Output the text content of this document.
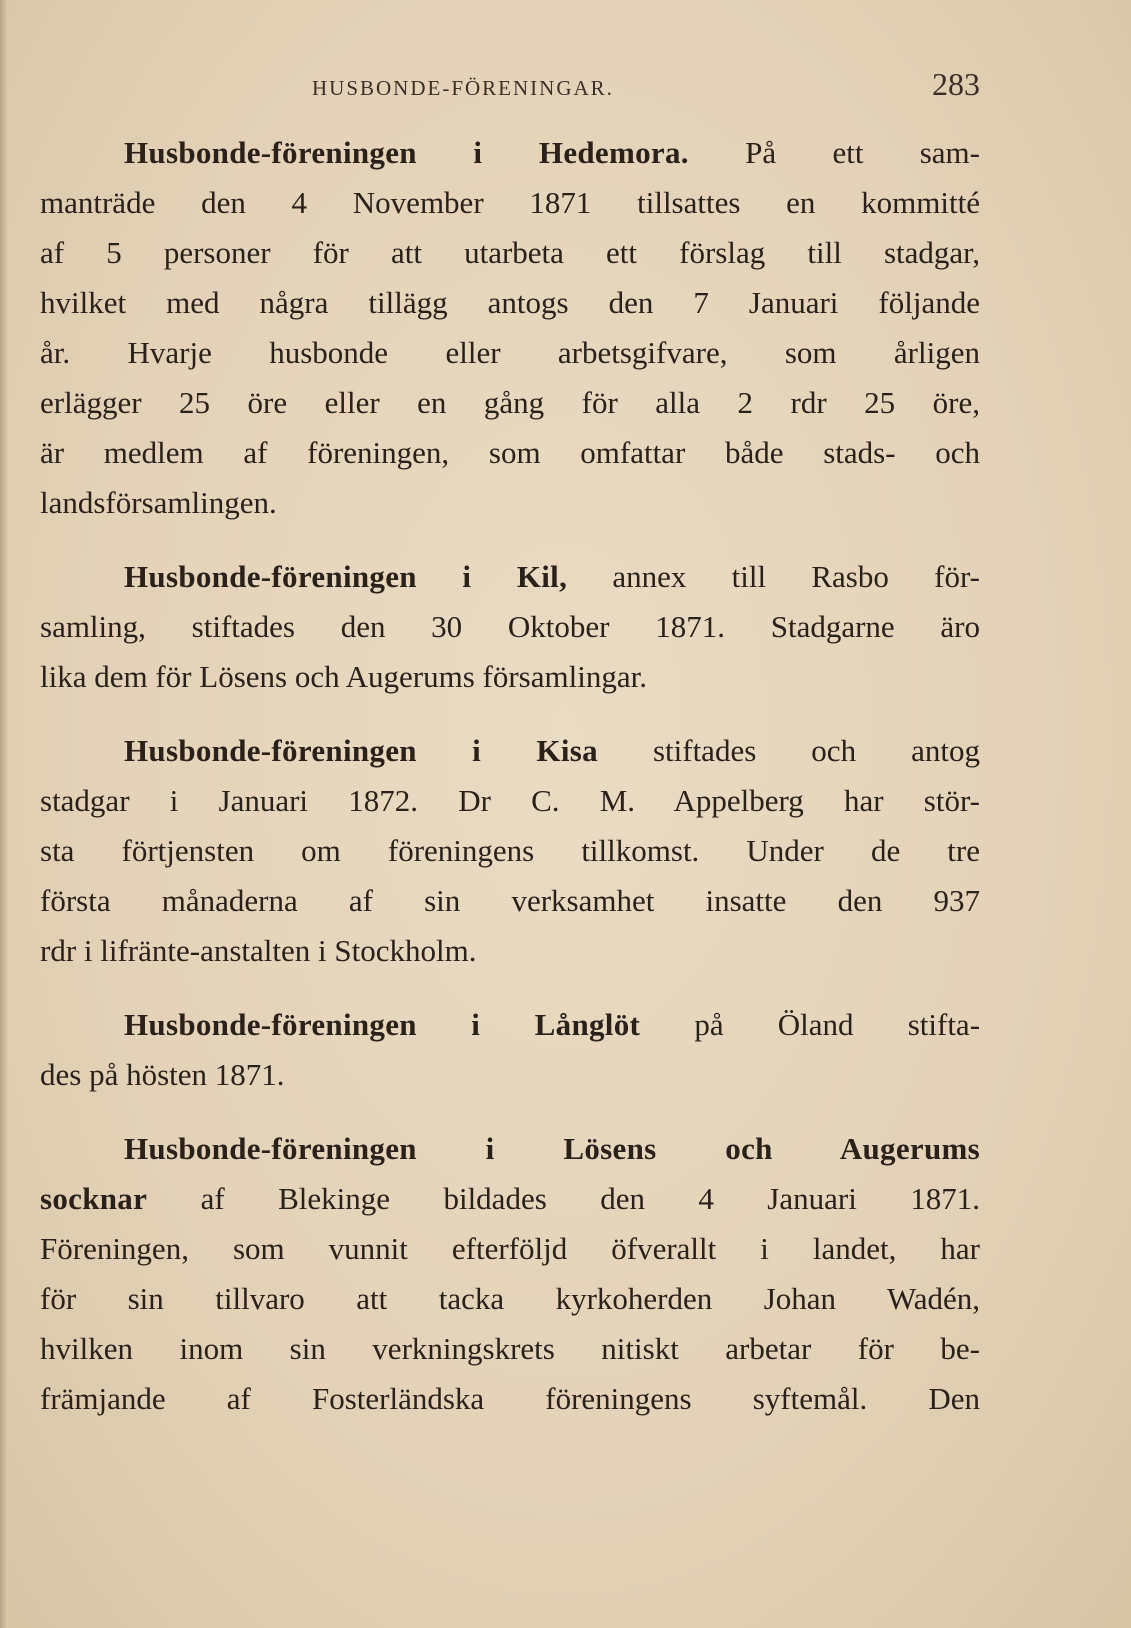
HUSBONDE-FÖRENINGAR.	283
Husbonde-föreningen i Hedemora. På ett sam-
manträde den 4 November 1871 tillsattes en kommitté
af 5 personer för att utarbeta ett förslag till stadgar,
hvilket med några tillägg antogs den 7 Januari följande
år. Hvarje husbonde eller arbetsgifvare, som årligen
erlägger 25 öre eller en gång för alla 2 rdr 25 öre,
är medlem af föreningen, som omfattar både stads- och
landsförsamlingen.
Husbonde-föreningen i Kil, annex till Rasbo för-
samling, stiftades den 30 Oktober 1871. Stadgarne äro
lika dem för Lösens och Augerums församlingar.
Husbonde-föreningen i Kisa stiftades och antog
stadgar i Januari 1872. Dr C. M. Appelberg har stör-
sta förtjensten om föreningens tillkomst. Under de tre
första månaderna af sin verksamhet insatte den 937
rdr i lifränte-anstalten i Stockholm.
Husbonde-föreningen i Långlöt på Öland stifta-
des på hösten 1871.
Husbonde-föreningen i Lösens och Augerums
socknar af Blekinge bildades den 4 Januari 1871.
Föreningen, som vunnit efterföljd öfverallt i landet, har
för sin tillvaro att tacka kyrkoherden Johan Wadén,
hvilken inom sin verkningskrets nitiskt arbetar för be-
främjande af Fosterländska föreningens syftemål. Den
